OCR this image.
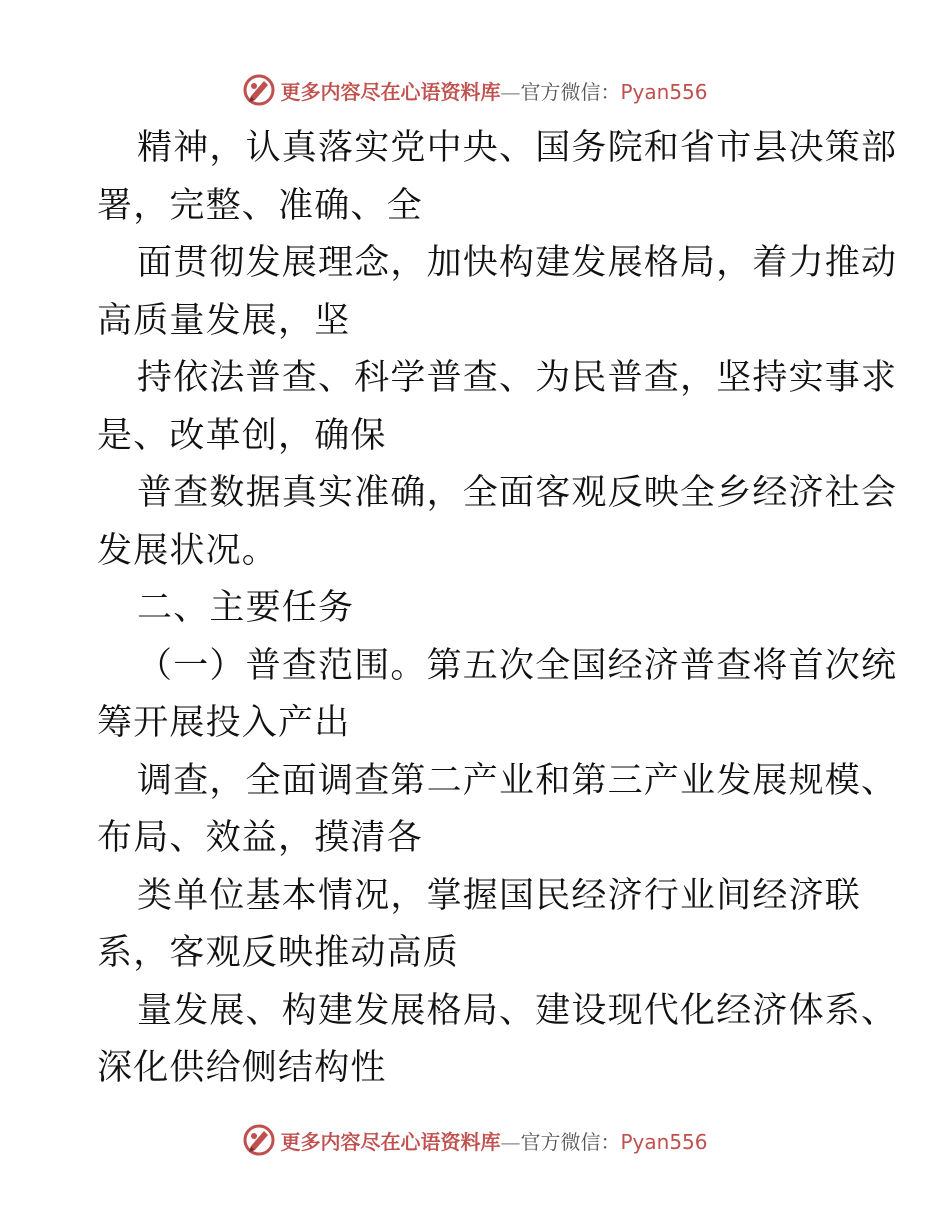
更多内容尽在心语资料库—官方微信：Pyan556

精神，认真落实党中央、国务院和省市县决策部

署，完整、准确、全

面贯彻发展理念，加快构建发展格局，着力推动

高质量发展，坚

持依法普查、科学普查、为民普查，坚持实事求

是、改革创，确保

普查数据真实准确，全面客观反映全乡经济社会

发展状况。

二、主要任务

（一）普查范围。第五次全国经济普查将首次统

筹开展投入产出

调查，全面调查第二产业和第三产业发展规模、

布局、效益，摸清各

类单位基本情况，掌握国民经济行业间经济联

系，客观反映推动高质

量发展、构建发展格局、建设现代化经济体系、

深化供给侧结构性

更多内容尽在心语资料库—官方微信：Pyan556
